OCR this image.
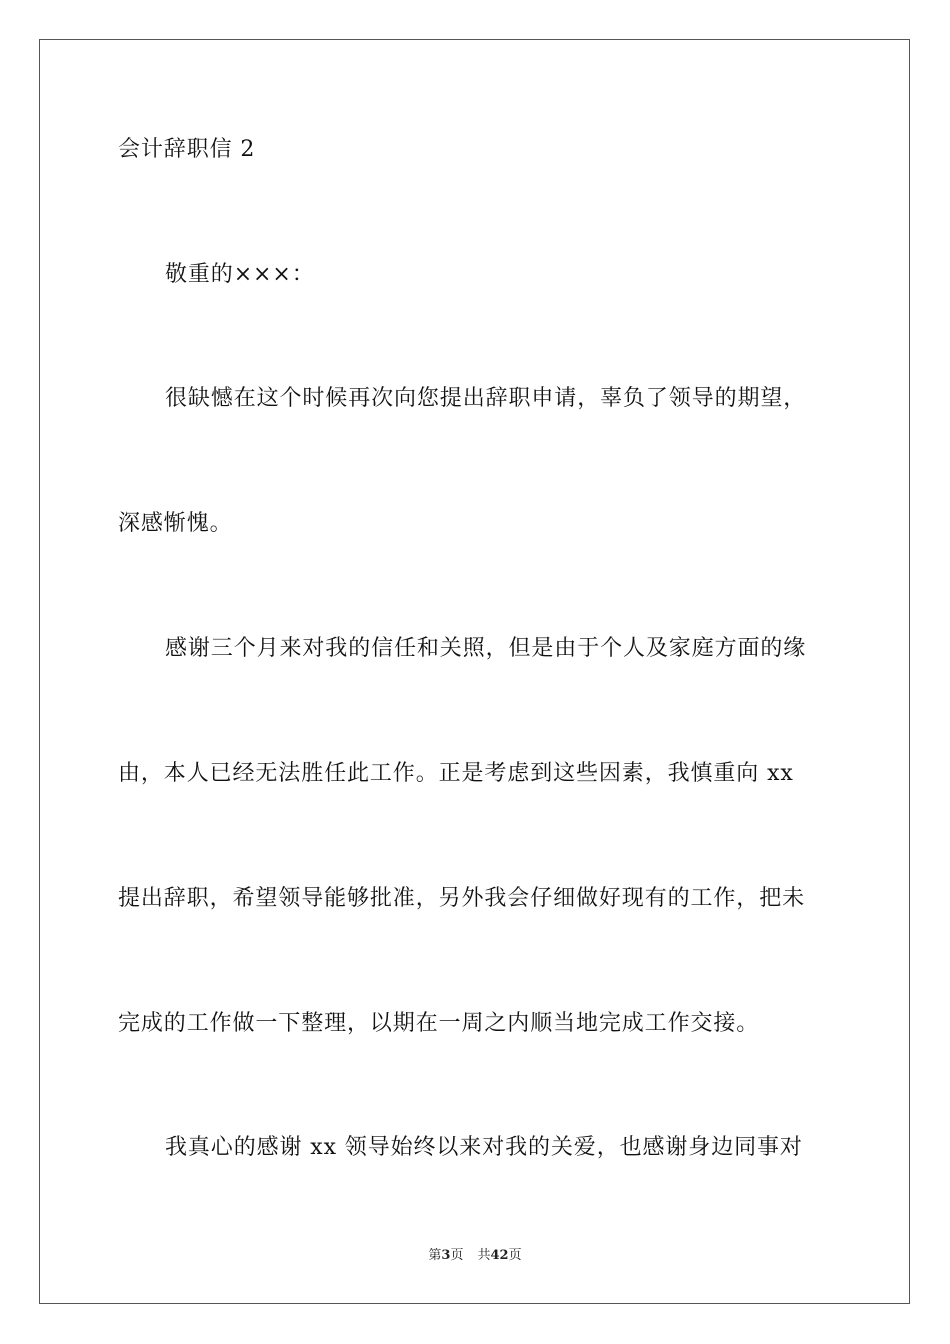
会计辞职信 2
敬重的×××：
很缺憾在这个时候再次向您提出辞职申请，辜负了领导的期望，
深感惭愧。
感谢三个月来对我的信任和关照，但是由于个人及家庭方面的缘
由，本人已经无法胜任此工作。正是考虑到这些因素，我慎重向 xx
提出辞职，希望领导能够批准，另外我会仔细做好现有的工作，把未
完成的工作做一下整理，以期在一周之内顺当地完成工作交接。
我真心的感谢 xx 领导始终以来对我的关爱，也感谢身边同事对
第3页 共42页
